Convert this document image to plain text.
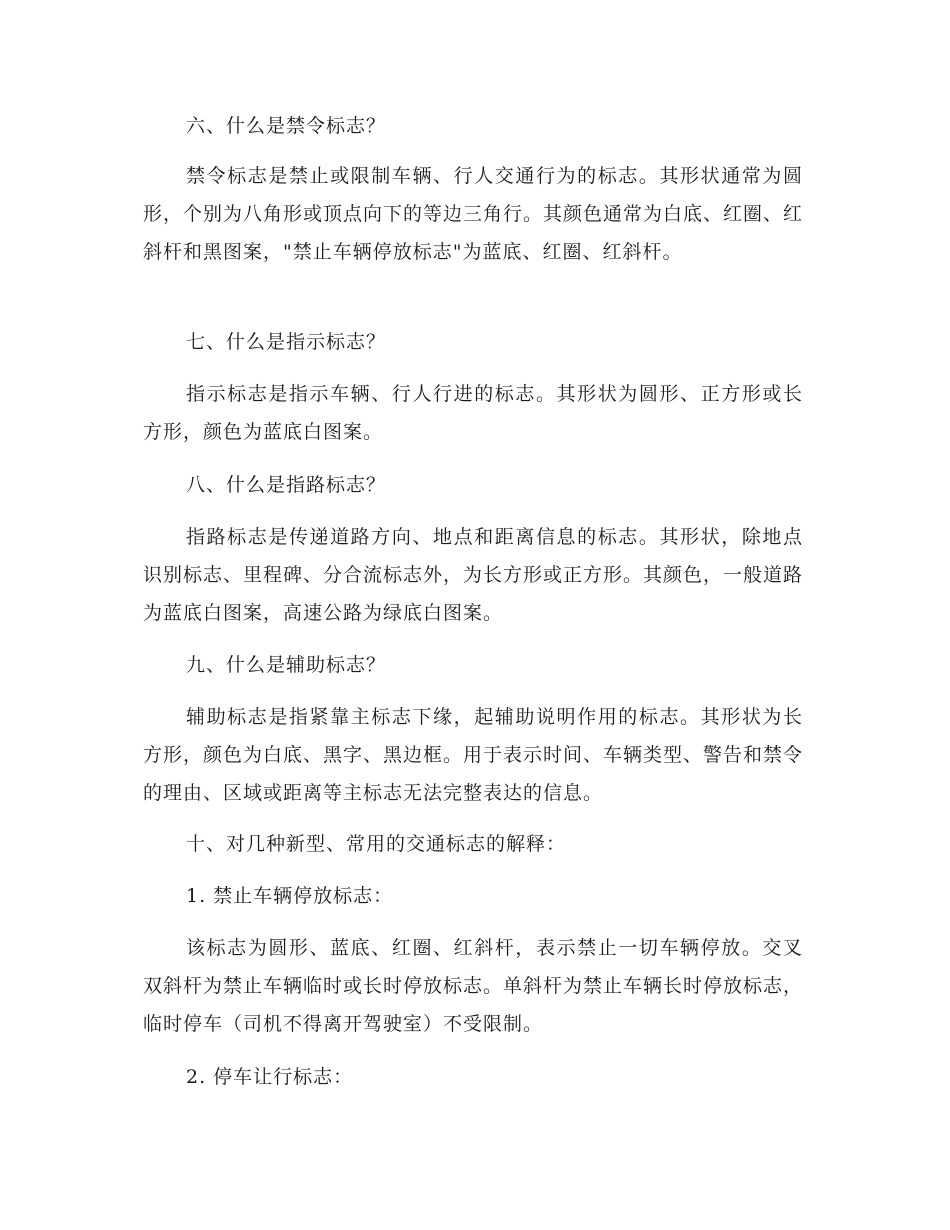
六、什么是禁令标志？

禁令标志是禁止或限制车辆、行人交通行为的标志。其形状通常为圆形，个别为八角形或顶点向下的等边三角行。其颜色通常为白底、红圈、红斜杆和黑图案，"禁止车辆停放标志"为蓝底、红圈、红斜杆。

七、什么是指示标志？

指示标志是指示车辆、行人行进的标志。其形状为圆形、正方形或长方形，颜色为蓝底白图案。

八、什么是指路标志？

指路标志是传递道路方向、地点和距离信息的标志。其形状，除地点识别标志、里程碑、分合流标志外，为长方形或正方形。其颜色，一般道路为蓝底白图案，高速公路为绿底白图案。

九、什么是辅助标志？

辅助标志是指紧靠主标志下缘，起辅助说明作用的标志。其形状为长方形，颜色为白底、黑字、黑边框。用于表示时间、车辆类型、警告和禁令的理由、区域或距离等主标志无法完整表达的信息。

十、对几种新型、常用的交通标志的解释：

1. 禁止车辆停放标志：

该标志为圆形、蓝底、红圈、红斜杆，表示禁止一切车辆停放。交叉双斜杆为禁止车辆临时或长时停放标志。单斜杆为禁止车辆长时停放标志，临时停车（司机不得离开驾驶室）不受限制。

2. 停车让行标志：
